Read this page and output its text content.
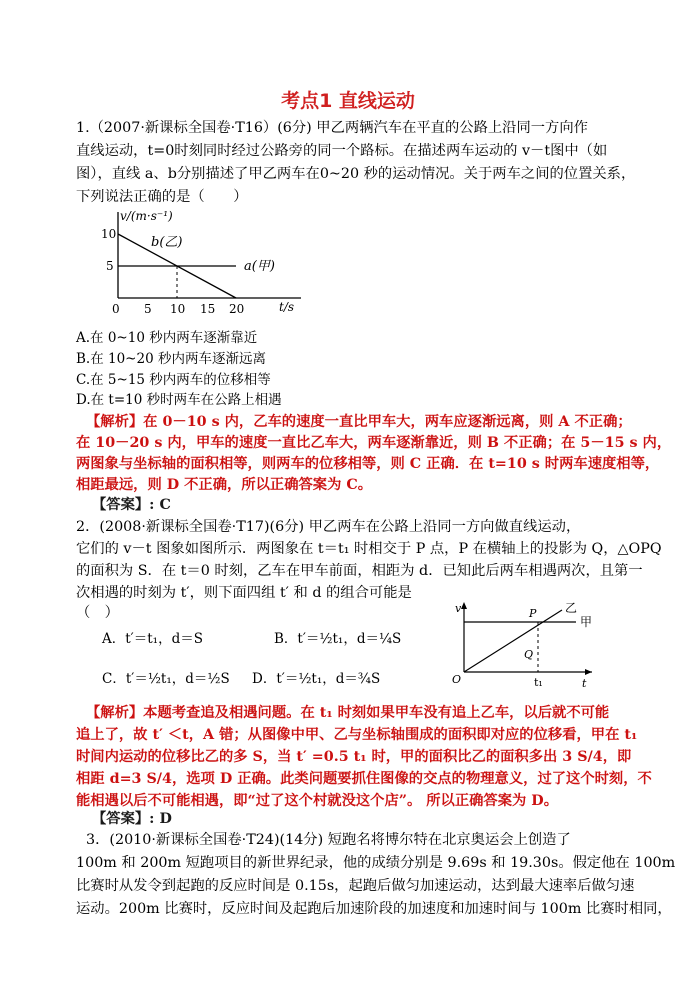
考点1 直线运动
1.（2007·新课标全国卷·T16）(6分) 甲乙两辆汽车在平直的公路上沿同一方向作
直线运动，t=0时刻同时经过公路旁的同一个路标。在描述两车运动的 v－t图中（如
图），直线 a、b分别描述了甲乙两车在0~20 秒的运动情况。关于两车之间的位置关系，
下列说法正确的是（　　）
v/(m·s⁻¹)
t/s
10
5
0 5 10 15 20
b(乙)
a(甲)
A.在 0~10 秒内两车逐渐靠近
B.在 10~20 秒内两车逐渐远离
C.在 5~15 秒内两车的位移相等
D.在 t=10 秒时两车在公路上相遇
【解析】在 0－10 s 内，乙车的速度一直比甲车大，两车应逐渐远离，则 A 不正确；
在 10－20 s 内，甲车的速度一直比乙车大，两车逐渐靠近，则 B 不正确；在 5－15 s 内，
两图象与坐标轴的面积相等，则两车的位移相等，则 C 正确．在 t=10 s 时两车速度相等，
相距最远，则 D 不正确，所以正确答案为 C。
【答案】: C
2．(2008·新课标全国卷·T17)(6分) 甲乙两车在公路上沿同一方向做直线运动，
它们的 v－t 图象如图所示．两图象在 t＝t₁ 时相交于 P 点，P 在横轴上的投影为 Q，△OPQ
的面积为 S．在 t＝0 时刻，乙车在甲车前面，相距为 d．已知此后两车相遇两次，且第一
次相遇的时刻为 t′，则下面四组 t′ 和 d 的组合可能是
（　）
A．t′＝t₁，d＝S	B．t′＝½t₁，d＝¼S
C．t′＝½t₁，d＝½S D．t′＝½t₁，d＝¾S
v
t
O
P
Q
t₁
乙
甲
【解析】本题考查追及相遇问题。在 t₁ 时刻如果甲车没有追上乙车，以后就不可能
追上了，故 t′ ＜t，A 错；从图像中甲、乙与坐标轴围成的面积即对应的位移看，甲在 t₁
时间内运动的位移比乙的多 S，当 t′ =0.5 t₁ 时，甲的面积比乙的面积多出 3 S/4，即
相距 d=3 S/4，选项 D 正确。此类问题要抓住图像的交点的物理意义，过了这个时刻，不
能相遇以后不可能相遇，即“过了这个村就没这个店”。 所以正确答案为 D。
【答案】: D
3．(2010·新课标全国卷·T24)(14分) 短跑名将博尔特在北京奥运会上创造了
100m 和 200m 短跑项目的新世界纪录，他的成绩分别是 9.69s 和 19.30s。假定他在 100m
比赛时从发令到起跑的反应时间是 0.15s，起跑后做匀加速运动，达到最大速率后做匀速
运动。200m 比赛时，反应时间及起跑后加速阶段的加速度和加速时间与 100m 比赛时相同，
